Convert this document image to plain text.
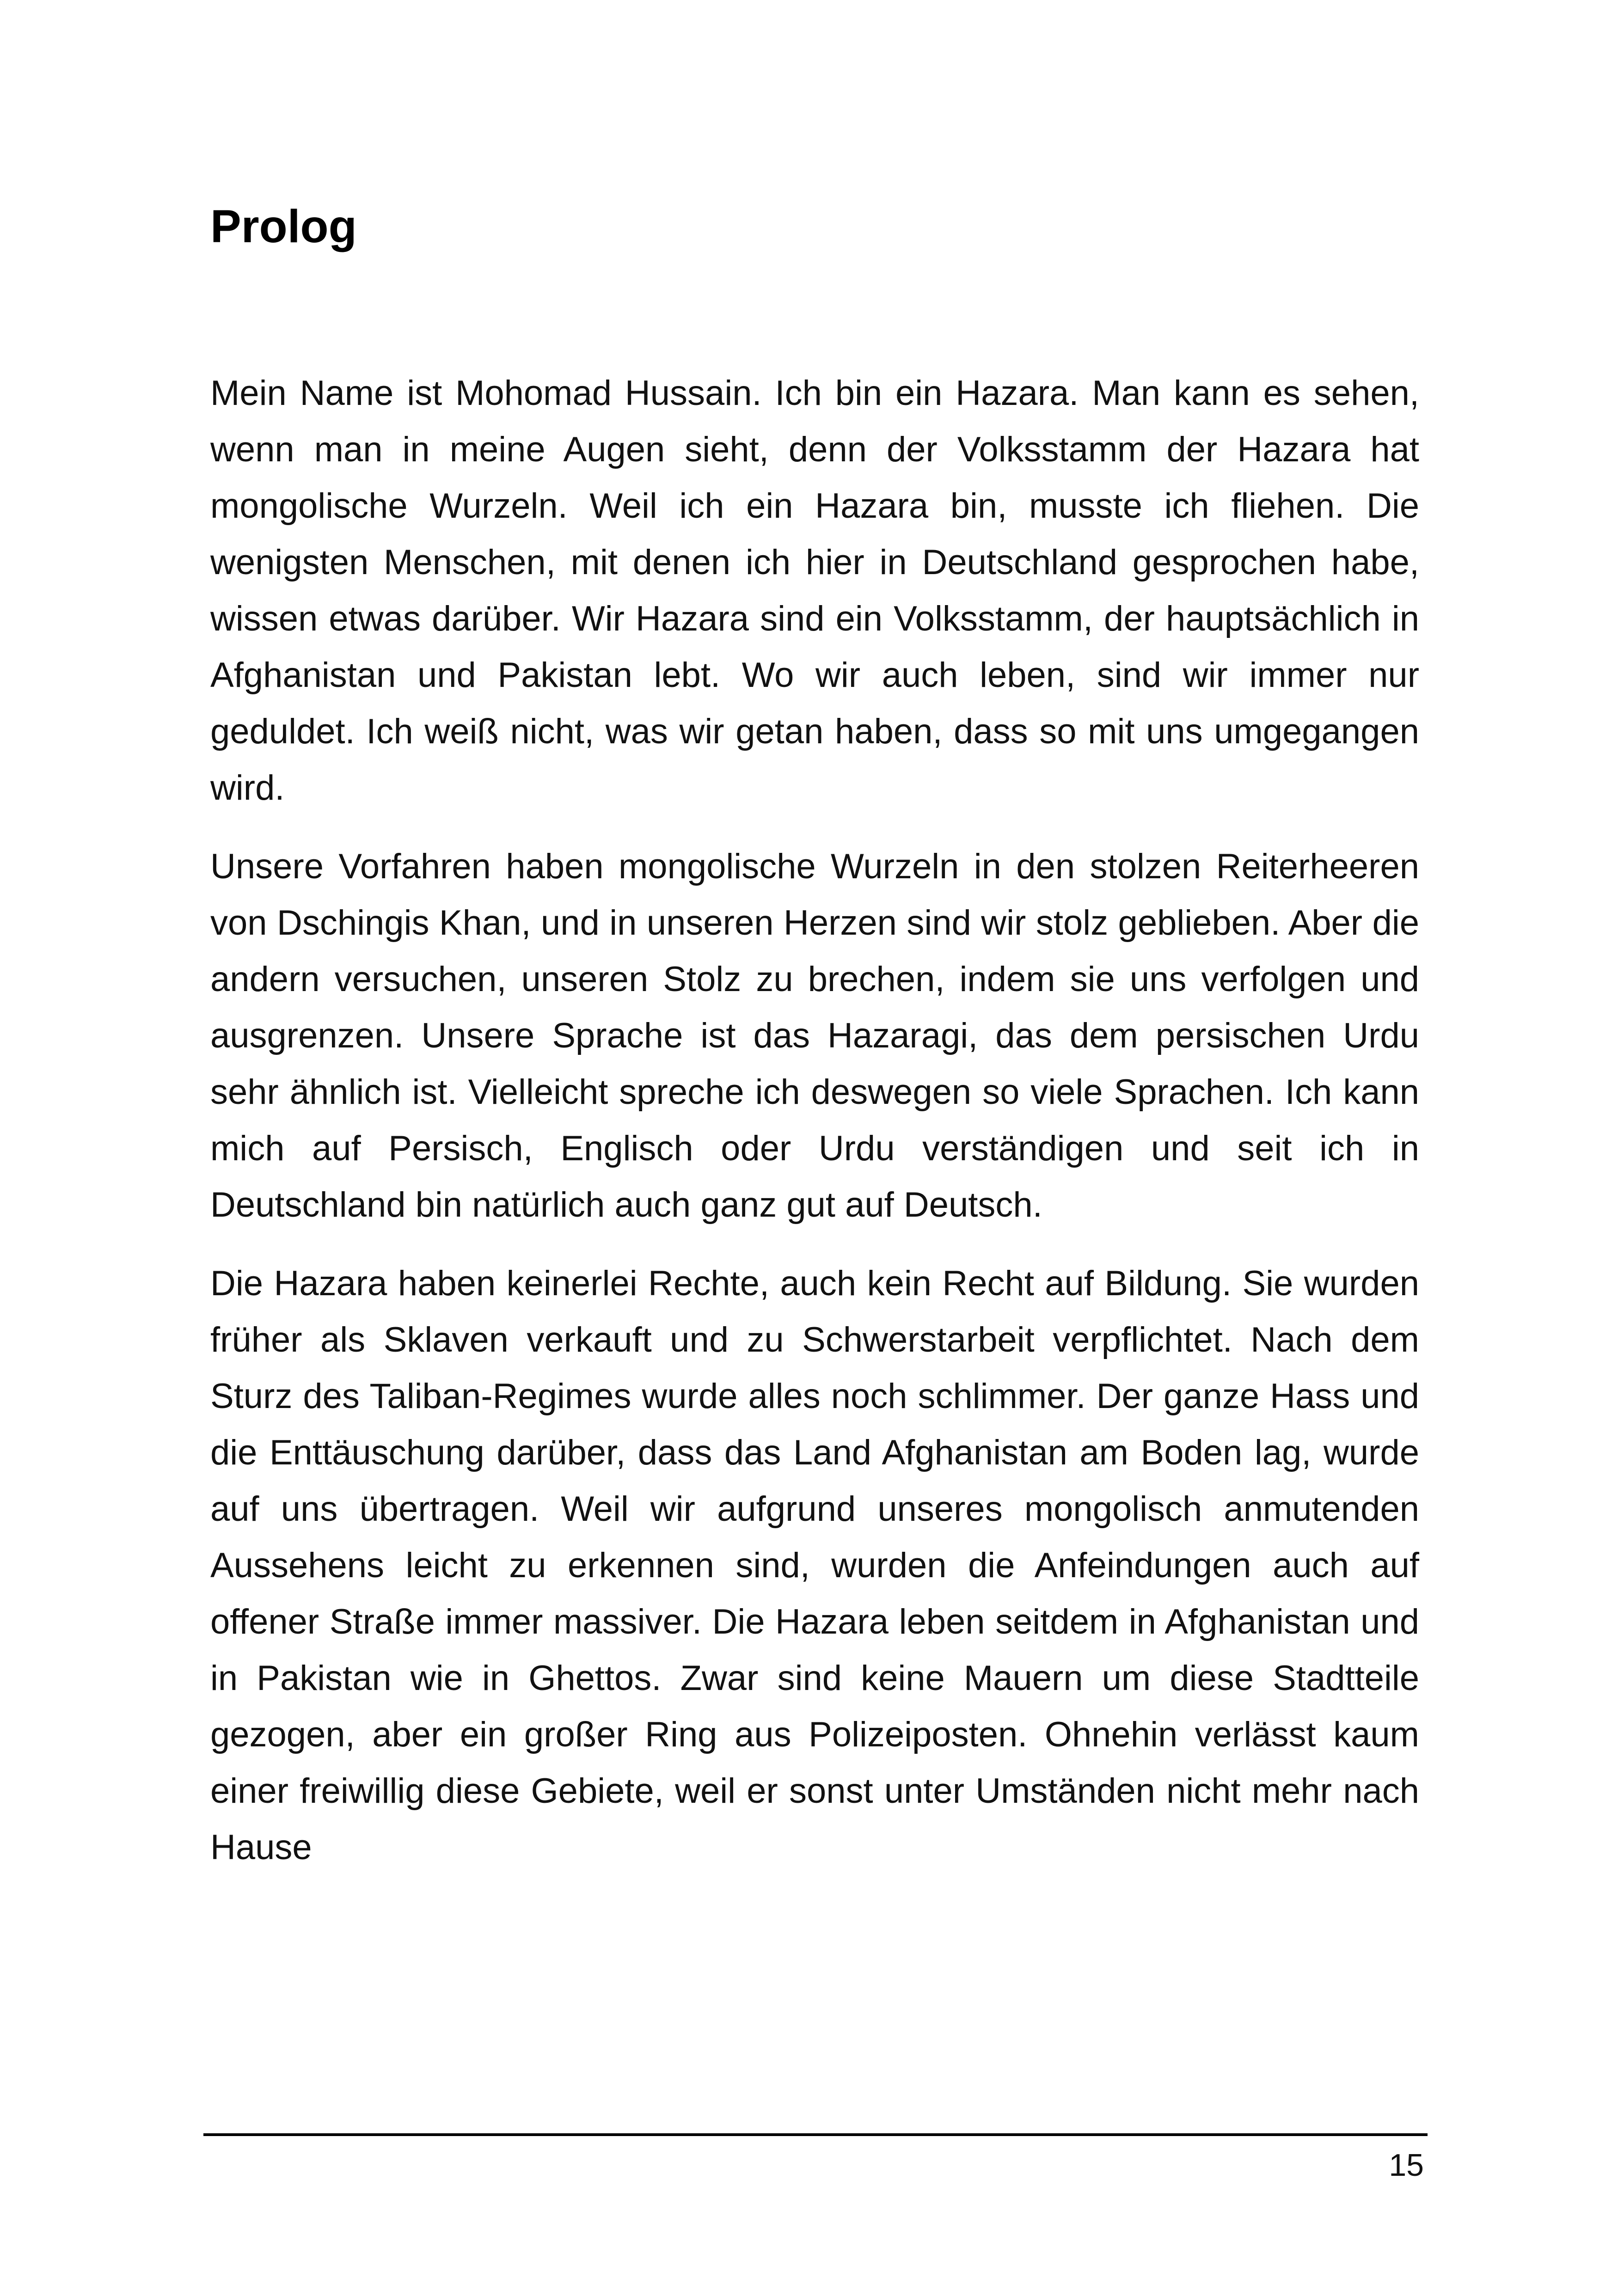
Prolog

Mein Name ist Mohomad Hussain. Ich bin ein Hazara. Man kann es sehen, wenn man in meine Augen sieht, denn der Volksstamm der Hazara hat mongolische Wurzeln. Weil ich ein Hazara bin, musste ich fliehen. Die wenigsten Menschen, mit denen ich hier in Deutschland gesprochen habe, wissen etwas darüber. Wir Hazara sind ein Volksstamm, der hauptsächlich in Afghanistan und Pakistan lebt. Wo wir auch leben, sind wir immer nur geduldet. Ich weiß nicht, was wir getan haben, dass so mit uns umgegangen wird.

Unsere Vorfahren haben mongolische Wurzeln in den stolzen Reiterheeren von Dschingis Khan, und in unseren Herzen sind wir stolz geblieben. Aber die andern versuchen, unseren Stolz zu brechen, indem sie uns verfolgen und ausgrenzen. Unsere Sprache ist das Hazaragi, das dem persischen Urdu sehr ähnlich ist. Vielleicht spreche ich deswegen so viele Sprachen. Ich kann mich auf Persisch, Englisch oder Urdu verständigen und seit ich in Deutschland bin natürlich auch ganz gut auf Deutsch.

Die Hazara haben keinerlei Rechte, auch kein Recht auf Bildung. Sie wurden früher als Sklaven verkauft und zu Schwerstarbeit verpflichtet. Nach dem Sturz des Taliban-Regimes wurde alles noch schlimmer. Der ganze Hass und die Enttäuschung darüber, dass das Land Afghanistan am Boden lag, wurde auf uns übertragen. Weil wir aufgrund unseres mongolisch anmutenden Aussehens leicht zu erkennen sind, wurden die Anfeindungen auch auf offener Straße immer massiver. Die Hazara leben seitdem in Afghanistan und in Pakistan wie in Ghettos. Zwar sind keine Mauern um diese Stadtteile gezogen, aber ein großer Ring aus Polizeiposten. Ohnehin verlässt kaum einer freiwillig diese Gebiete, weil er sonst unter Umständen nicht mehr nach Hause

15
